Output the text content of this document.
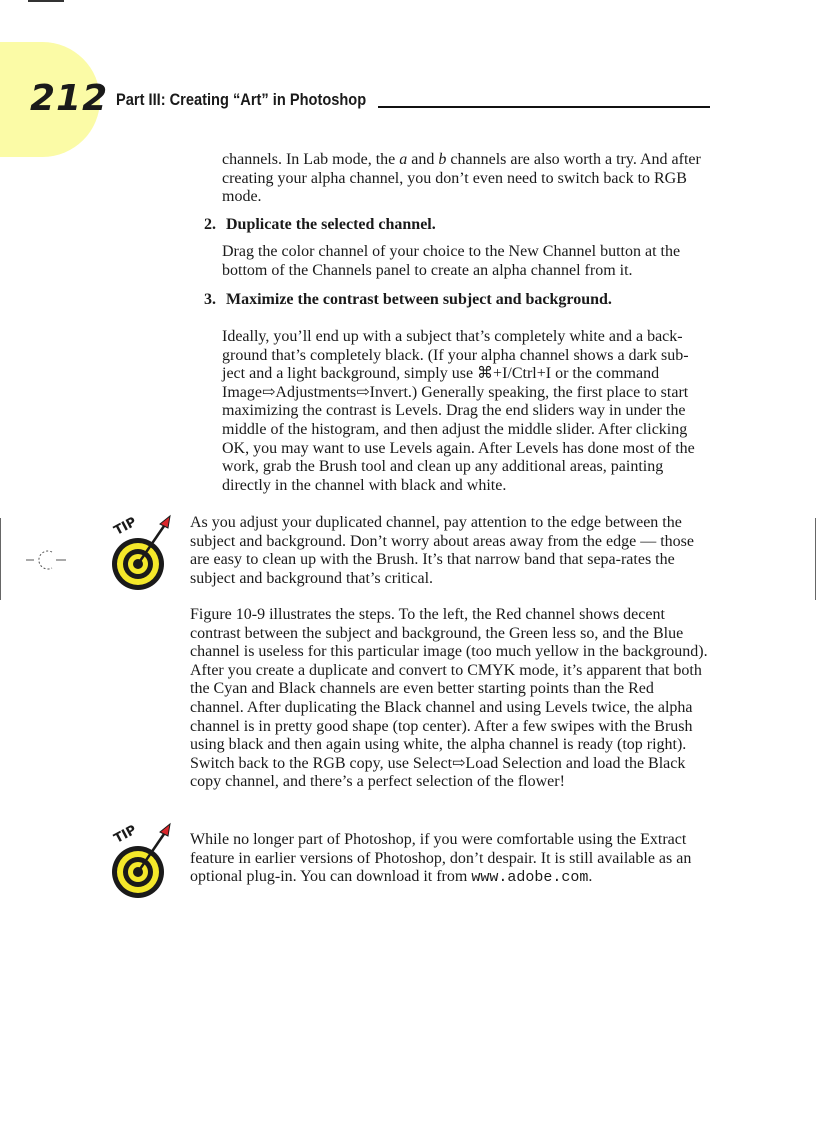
212 Part III: Creating “Art” in Photoshop

channels. In Lab mode, the a and b channels are also worth a try. And after creating your alpha channel, you don’t even need to switch back to RGB mode.

2. Duplicate the selected channel.
Drag the color channel of your choice to the New Channel button at the bottom of the Channels panel to create an alpha channel from it.
3. Maximize the contrast between subject and background.
Ideally, you’ll end up with a subject that’s completely white and a back-ground that’s completely black. (If your alpha channel shows a dark sub-ject and a light background, simply use ⌘+I/Ctrl+I or the command Image⇨Adjustments⇨Invert.) Generally speaking, the first place to start maximizing the contrast is Levels. Drag the end sliders way in under the middle of the histogram, and then adjust the middle slider. After clicking OK, you may want to use Levels again. After Levels has done most of the work, grab the Brush tool and clean up any additional areas, painting directly in the channel with black and white.
TIP	As you adjust your duplicated channel, pay attention to the edge between the subject and background. Don’t worry about areas away from the edge — those are easy to clean up with the Brush. It’s that narrow band that sepa-rates the subject and background that’s critical.
Figure 10-9 illustrates the steps. To the left, the Red channel shows decent contrast between the subject and background, the Green less so, and the Blue channel is useless for this particular image (too much yellow in the background). After you create a duplicate and convert to CMYK mode, it’s apparent that both the Cyan and Black channels are even better starting points than the Red channel. After duplicating the Black channel and using Levels twice, the alpha channel is in pretty good shape (top center). After a few swipes with the Brush using black and then again using white, the alpha channel is ready (top right). Switch back to the RGB copy, use Select⇨Load Selection and load the Black copy channel, and there’s a perfect selection of the flower!
TIP	While no longer part of Photoshop, if you were comfortable using the Extract feature in earlier versions of Photoshop, don’t despair. It is still available as an optional plug-in. You can download it from www.adobe.com.
